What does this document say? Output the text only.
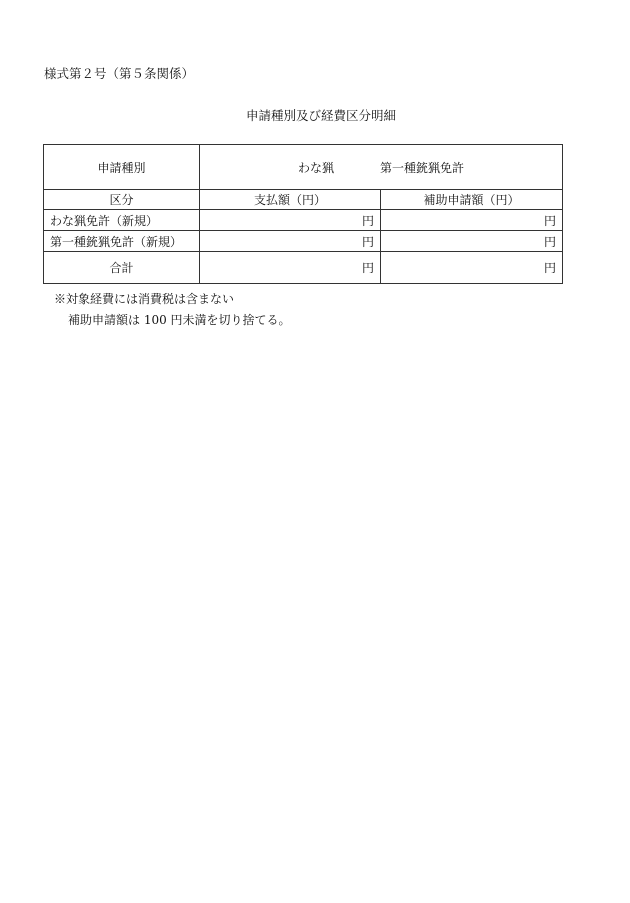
様式第２号（第５条関係）
申請種別及び経費区分明細
申請種別	わな猟 第一種銃猟免許	
区分	支払額（円）	補助申請額（円）
わな猟免許（新規）	円	円
第一種銃猟免許（新規）	円	円
合計	円	円
※対象経費には消費税は含まない
補助申請額は 100 円未満を切り捨てる。
